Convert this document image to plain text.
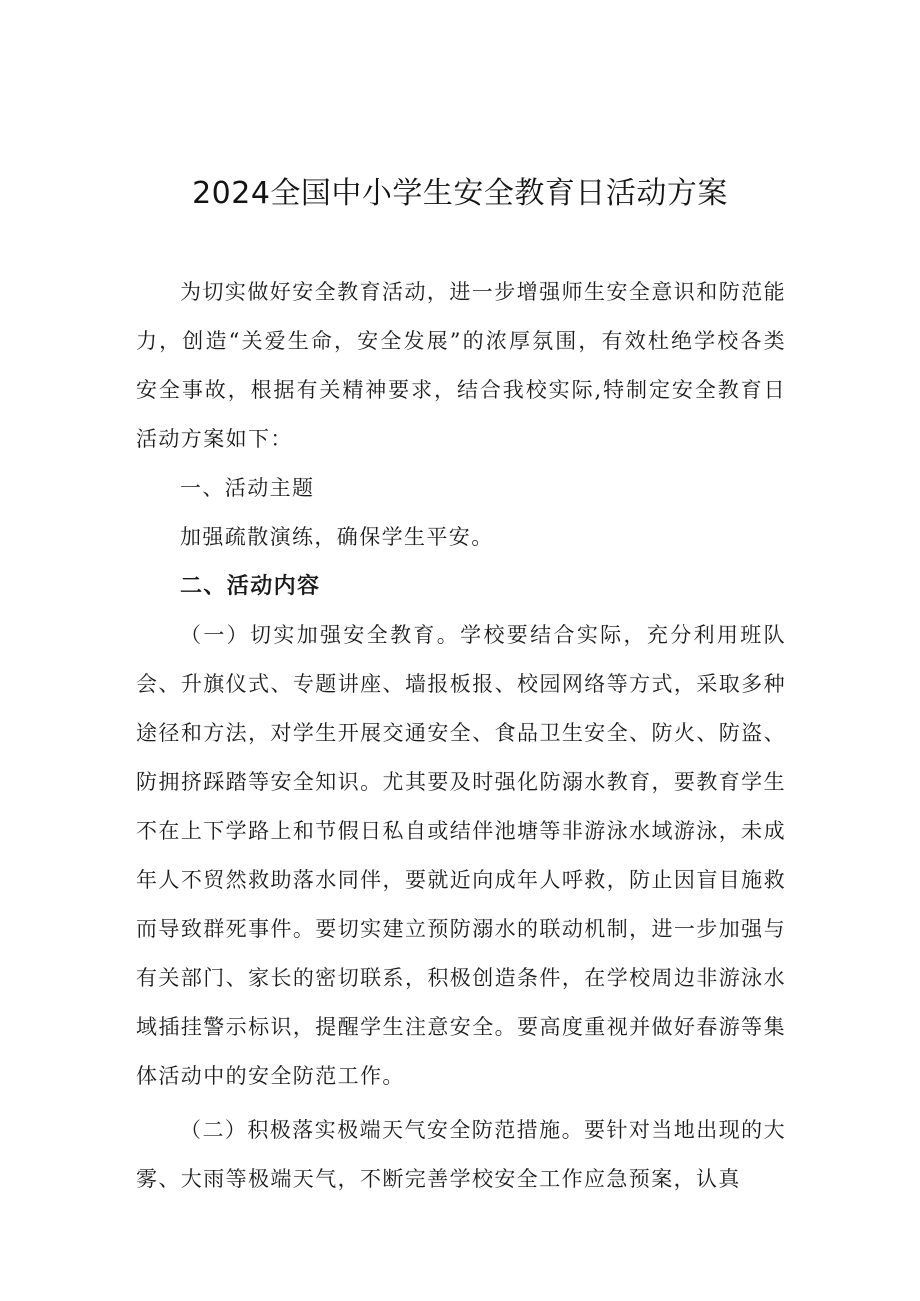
2024全国中小学生安全教育日活动方案

为切实做好安全教育活动，进一步增强师生安全意识和防范能力，创造“关爱生命，安全发展”的浓厚氛围，有效杜绝学校各类安全事故，根据有关精神要求，结合我校实际,特制定安全教育日活动方案如下：

一、活动主题

加强疏散演练，确保学生平安。

二、活动内容

（一）切实加强安全教育。学校要结合实际，充分利用班队会、升旗仪式、专题讲座、墙报板报、校园网络等方式，采取多种途径和方法，对学生开展交通安全、食品卫生安全、防火、防盗、防拥挤踩踏等安全知识。尤其要及时强化防溺水教育，要教育学生不在上下学路上和节假日私自或结伴池塘等非游泳水域游泳，未成年人不贸然救助落水同伴，要就近向成年人呼救，防止因盲目施救而导致群死事件。要切实建立预防溺水的联动机制，进一步加强与有关部门、家长的密切联系，积极创造条件，在学校周边非游泳水域插挂警示标识，提醒学生注意安全。要高度重视并做好春游等集体活动中的安全防范工作。

（二）积极落实极端天气安全防范措施。要针对当地出现的大雾、大雨等极端天气，不断完善学校安全工作应急预案，认真
